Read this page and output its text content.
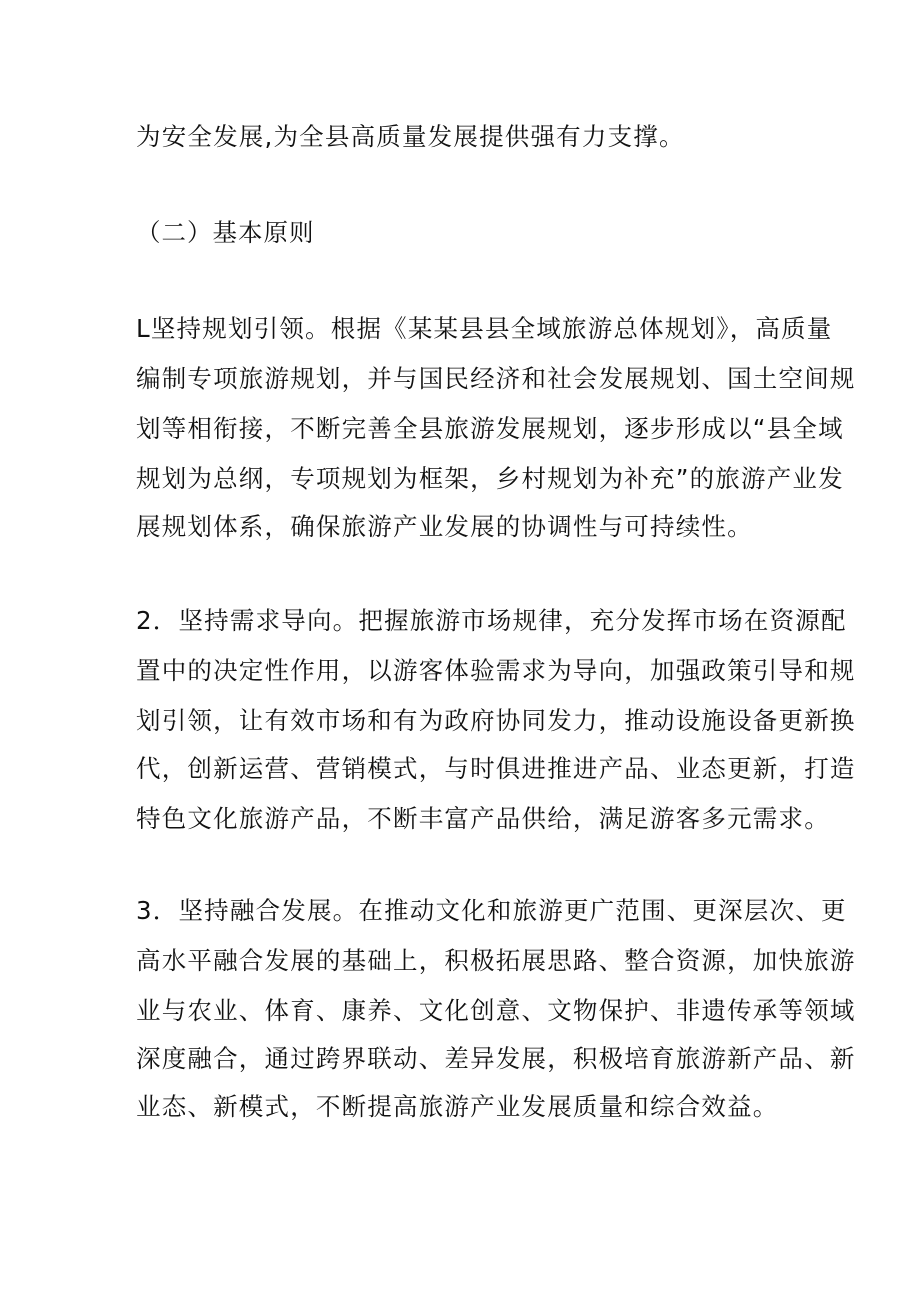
为安全发展,为全县高质量发展提供强有力支撑。
（二）基本原则
L坚持规划引领。根据《某某县县全域旅游总体规划》，高质量
编制专项旅游规划，并与国民经济和社会发展规划、国土空间规
划等相衔接，不断完善全县旅游发展规划，逐步形成以“县全域
规划为总纲，专项规划为框架，乡村规划为补充”的旅游产业发
展规划体系，确保旅游产业发展的协调性与可持续性。
2．坚持需求导向。把握旅游市场规律，充分发挥市场在资源配
置中的决定性作用，以游客体验需求为导向，加强政策引导和规
划引领，让有效市场和有为政府协同发力，推动设施设备更新换
代，创新运营、营销模式，与时俱进推进产品、业态更新，打造
特色文化旅游产品，不断丰富产品供给，满足游客多元需求。
3．坚持融合发展。在推动文化和旅游更广范围、更深层次、更
高水平融合发展的基础上，积极拓展思路、整合资源，加快旅游
业与农业、体育、康养、文化创意、文物保护、非遗传承等领域
深度融合，通过跨界联动、差异发展，积极培育旅游新产品、新
业态、新模式，不断提高旅游产业发展质量和综合效益。
